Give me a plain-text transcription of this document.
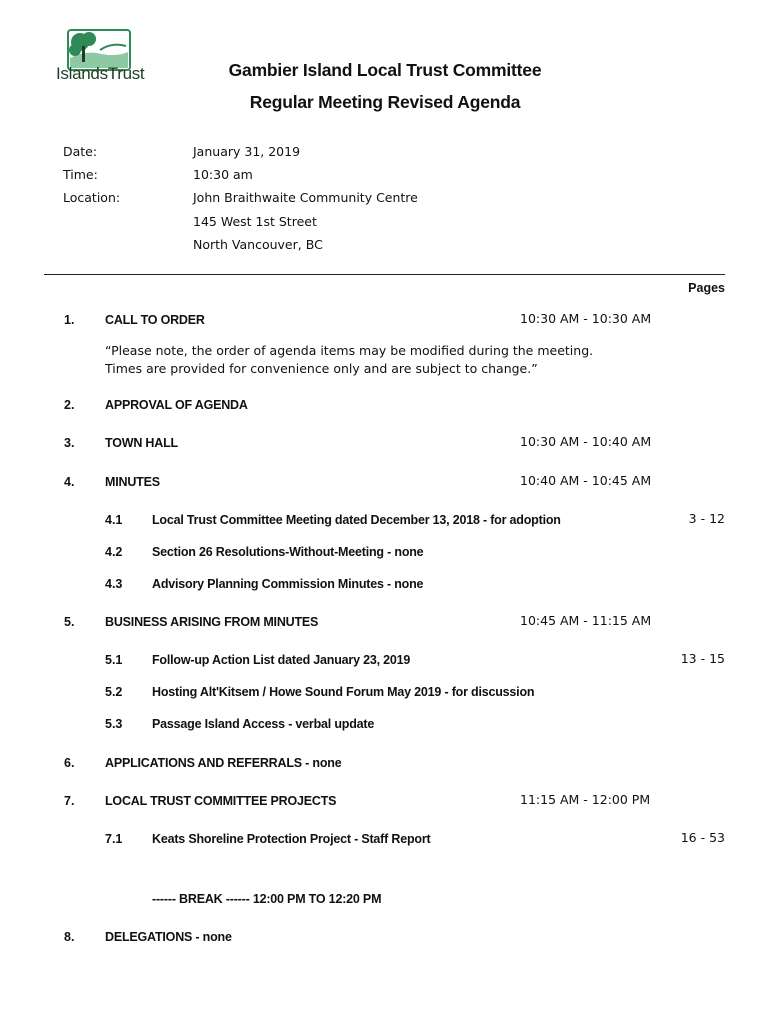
IslandsTrust	Gambier Island Local Trust Committee
Regular Meeting Revised Agenda
Date:	January 31, 2019
Time:	10:30 am
Location:	John Braithwaite Community Centre
145 West 1st Street
North Vancouver, BC
Pages
1. CALL TO ORDER	10:30 AM - 10:30 AM
“Please note, the order of agenda items may be modified during the meeting. Times are provided for convenience only and are subject to change.”
2. APPROVAL OF AGENDA
3. TOWN HALL	10:30 AM - 10:40 AM
4. MINUTES	10:40 AM - 10:45 AM
4.1 Local Trust Committee Meeting dated December 13, 2018 - for adoption	3 - 12
4.2 Section 26 Resolutions-Without-Meeting - none
4.3 Advisory Planning Commission Minutes - none
5. BUSINESS ARISING FROM MINUTES	10:45 AM - 11:15 AM
5.1 Follow-up Action List dated January 23, 2019	13 - 15
5.2 Hosting Alt'Kitsem / Howe Sound Forum May 2019 - for discussion
5.3 Passage Island Access - verbal update
6. APPLICATIONS AND REFERRALS - none
7. LOCAL TRUST COMMITTEE PROJECTS	11:15 AM - 12:00 PM
7.1 Keats Shoreline Protection Project - Staff Report	16 - 53
------ BREAK ------ 12:00 PM TO 12:20 PM
8. DELEGATIONS - none
